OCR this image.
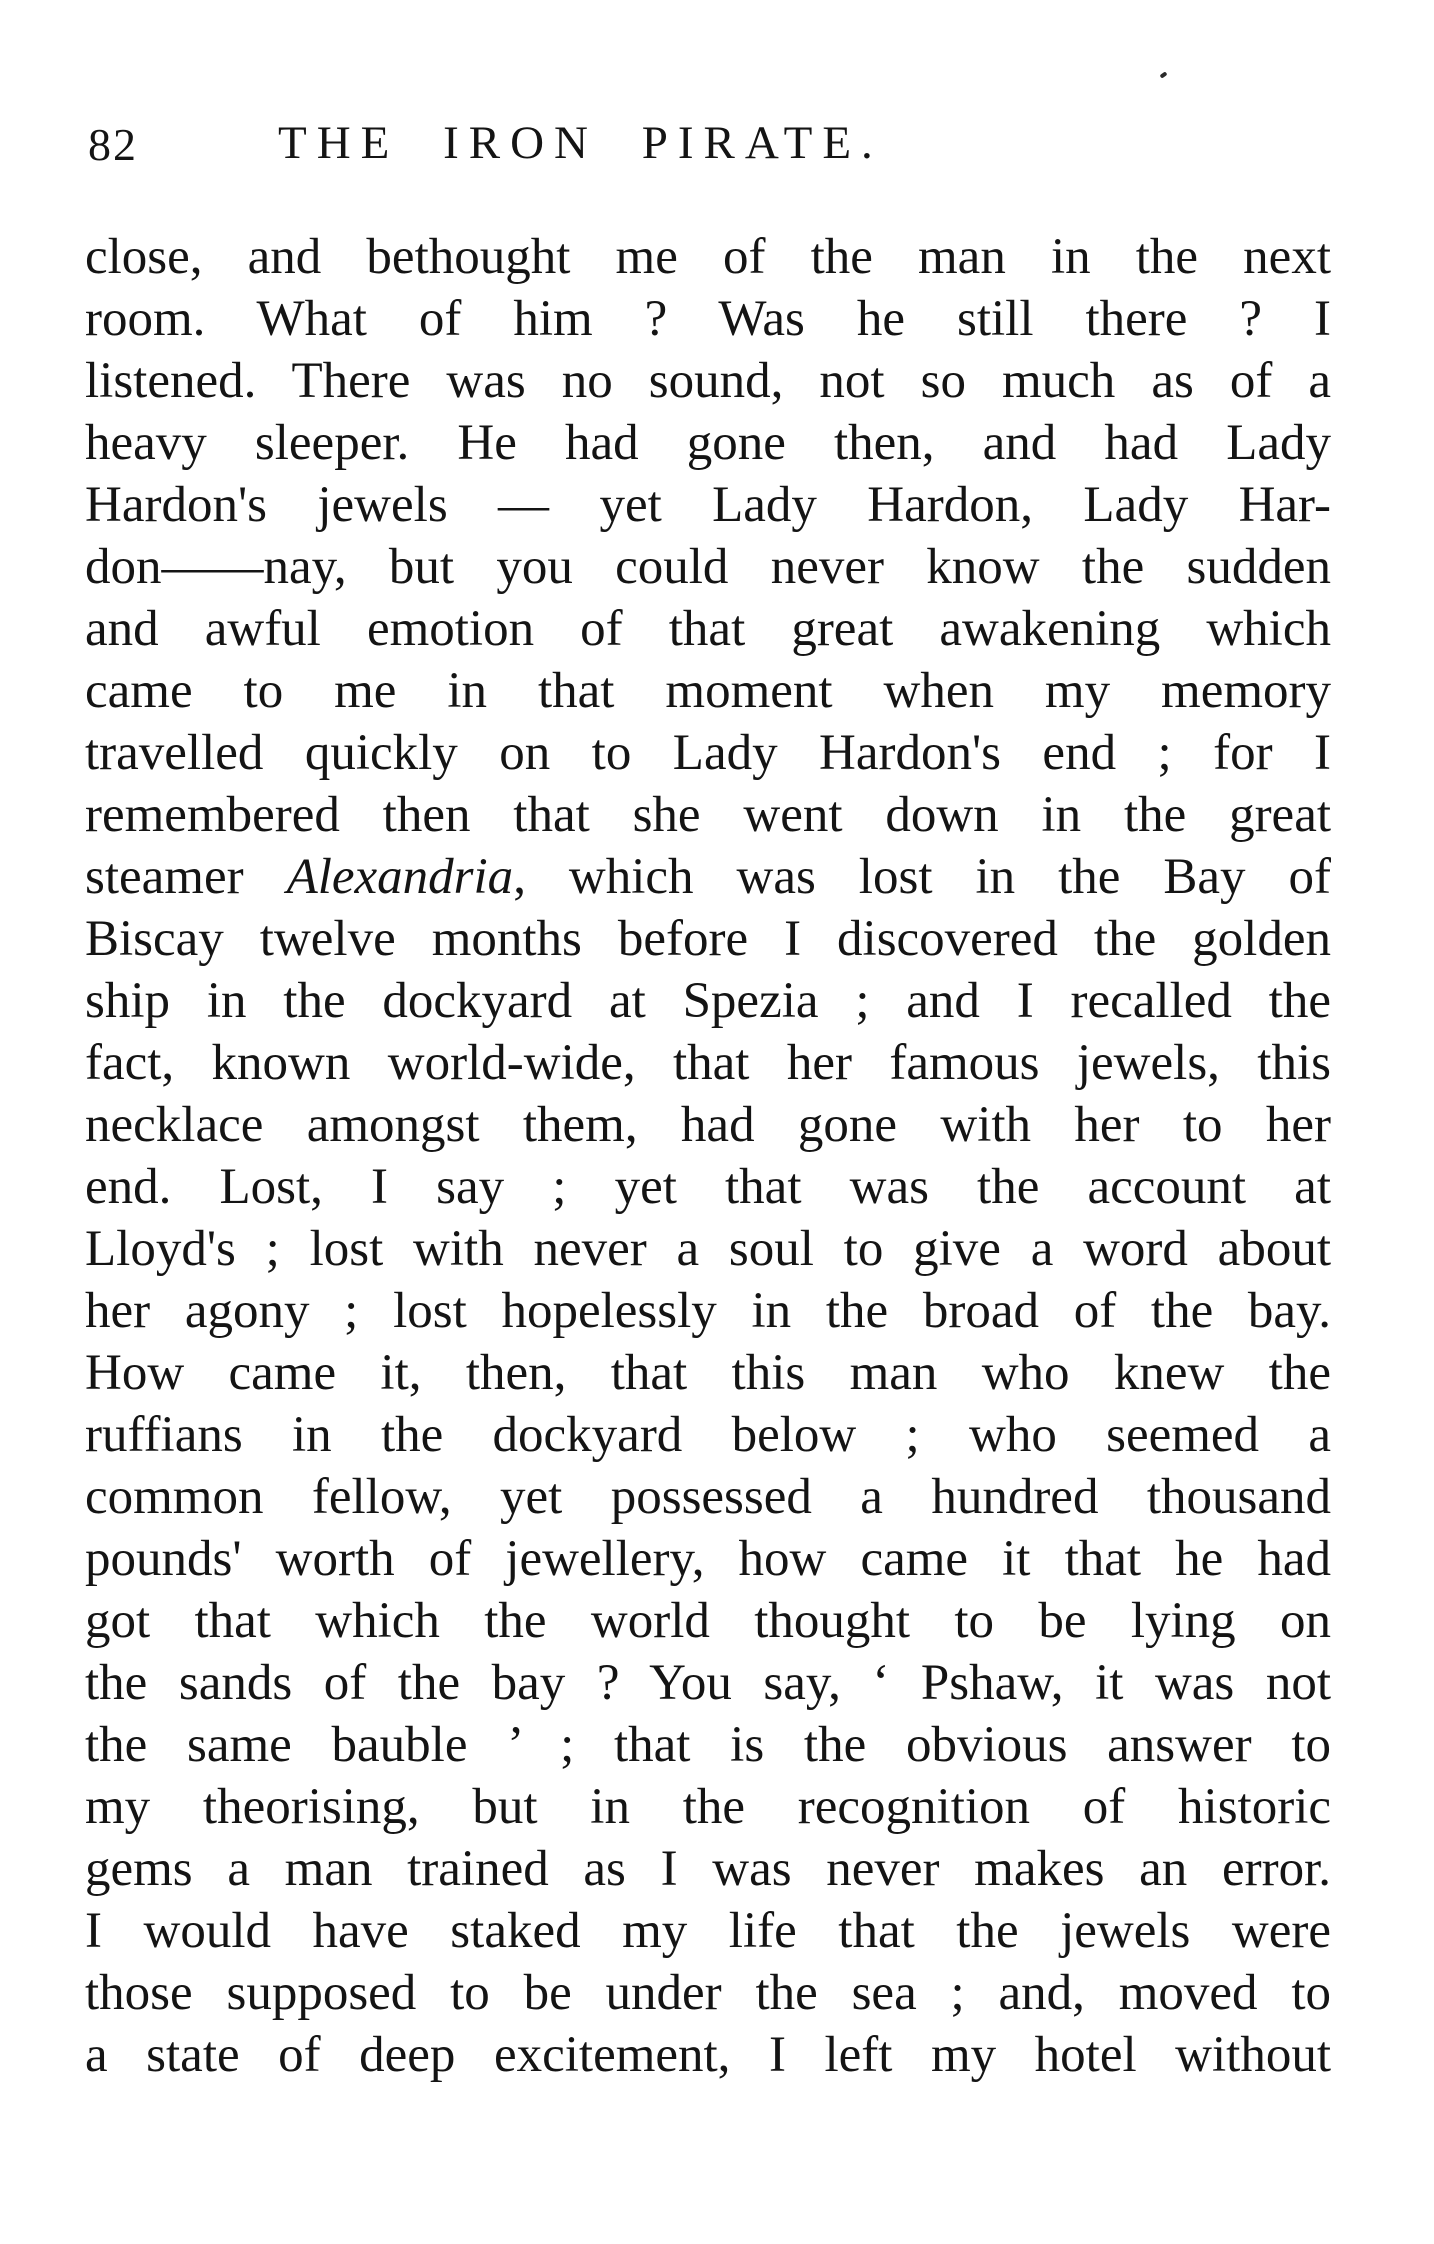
82	THE IRON PIRATE.
close, and bethought me of the man in the next
room. What of him ? Was he still there ? I
listened. There was no sound, not so much as of a
heavy sleeper. He had gone then, and had Lady
Hardon's jewels — yet Lady Hardon, Lady Har-
don——nay, but you could never know the sudden
and awful emotion of that great awakening which
came to me in that moment when my memory
travelled quickly on to Lady Hardon's end ; for I
remembered then that she went down in the great
steamer Alexandria, which was lost in the Bay of
Biscay twelve months before I discovered the golden
ship in the dockyard at Spezia ; and I recalled the
fact, known world-wide, that her famous jewels, this
necklace amongst them, had gone with her to her
end. Lost, I say ; yet that was the account at
Lloyd's ; lost with never a soul to give a word about
her agony ; lost hopelessly in the broad of the bay.
How came it, then, that this man who knew the
ruffians in the dockyard below ; who seemed a
common fellow, yet possessed a hundred thousand
pounds' worth of jewellery, how came it that he had
got that which the world thought to be lying on
the sands of the bay ? You say, ‘ Pshaw, it was not
the same bauble ’ ; that is the obvious answer to
my theorising, but in the recognition of historic
gems a man trained as I was never makes an error.
I would have staked my life that the jewels were
those supposed to be under the sea ; and, moved to
a state of deep excitement, I left my hotel without
